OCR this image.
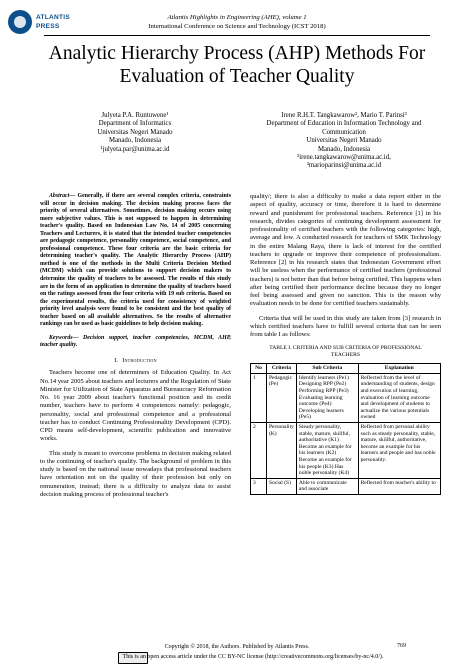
ATLANTIS
PRESS
Atlantis Highlights in Engineering (AHE), volume 1
International Conference on Science and Technology (ICST 2018)
Analytic Hierarchy Process (AHP) Methods For
Evaluation of Teacher Quality
Julyeta P.A. Runtuwene¹
Department of Informatics
Universitas Negeri Manado
Manado, Indonesia
¹julyeta.par@unima.ac.id
Irene R.H.T. Tangkawarow², Mario T. Parinsi³
Department of Education in Information Technology and
Communication
Universitas Negeri Manado
Manado, Indonesia
²irene.tangkawarow@unima.ac.id,
³marioparinsi@unima.ac.id

Abstract— Generally, if there are several complex criteria, constraints will occur in decision making. The decision making process faces the priority of several alternatives. Sometimes, decision making occurs using more subjective values. This is not supposed to happen in determining teacher's quality. Based on Indonesian Law No. 14 of 2005 concerning Teachers and Lecturers, it is stated that the intended teacher competencies are pedagogic competence, personality competence, social competence, and professional competence. These four criteria are the basic criteria for determining teacher's quality. The Analytic Hierarchy Process (AHP) method is one of the methods in the Multi Criteria Decision Method (MCDM) which can provide solutions to support decision makers to determine the quality of teachers to be assessed. The results of this study are in the form of an application to determine the quality of teachers based on the ratings assessed from the four criteria with 19 sub criteria. Based on the experimental results, the criteria used for consistency of weighted priority level analysis were found to be consistent and the best quality of teacher based on all available alternatives. So the results of alternative rankings can be used as basic guidelines to help decision making.

Keywords— Decision support, teacher competencies, MCDM, AHP, teacher quality.

I. Introduction

Teachers become one of determiners of Education Quality. In Act No.14 year 2005 about teachers and lecturers and the Regulation of State Minister for Utilization of State Apparatus and Bureaucracy Reformation No. 16 year 2009 about teacher's functional position and its credit number, teachers have to perform 4 competences namely: pedagogic, personality, social and professional competence and a professional teacher has to conduct Continuing Professionality Development (CPD). CPD means self-development, scientific publication and innovative works.

This study is meant to overcome problems in decision making related to the continuing of teacher's quality. The background of problem in this study is based on the national issue nowadays that professional teachers have orientation not on the quality of their profession but only on remuneration, instead; there is a difficulty to analyze data to assist decision making process of professional teacher's

quality/; there is also a difficulty to make a data report either in the aspect of quality, accuracy or time, therefore it is hard to determine reward and punishment for professional teachers. Reference [1] in his research, divides categories of continuing development assessment for professionality of certified teachers with the following categories: high, average and low. A conducted research for teachers of SMK Technology in the entire Malang Raya, there is lack of interest for the certified teachers to upgrade or improve their competence of professionalism. Reference [2] in his research states that Indonesian Government effort will be useless when the performance of certified teachers (professional teachers) is not better than that before being certified. This happens when after being certified their performance decline because they no longer feel being assessed and given no sanction. This is the reason why evaluation needs to be done for certified teachers sustainably.

Criteria that will be used in this study are taken from [3] research in which certified teachers have to fulfill several criteria that can be seen from table I as follows:

TABLE I. CRITERIA AND SUB CRITERIA OF PROFESSIONAL
TEACHERS

No	Criteria	Sub Criteria	Explanation
1	Pedagogic (Pe)	Identify learners (Pe1) Designing RPP (Pe2) Performing RPP (Pe3) Evaluating learning outcome (Pe4) Developing learners (Pe5)	Reflected from the level of understanding of students, design and execution of learning, evaluation of learning outcome and development of students to actualize the various potentials owned
2	Personality (K)	Steady personality, stable, mature, skillful, authoritative (K1) Become an example for his learners (K2) Become an example for his people (K3) Has noble personality (K4)	Reflected from personal ability such as steady personality, stable, mature, skillful, authoritative, become an example for his learners and people and has noble personality.
3	Social (S)	Able to communicate and associate	Reflected from teacher's ability to
Copyright © 2018, the Authors. Published by Atlantis Press.	769
This is an open access article under the CC BY-NC license (http://creativecommons.org/licenses/by-nc/4.0/).
